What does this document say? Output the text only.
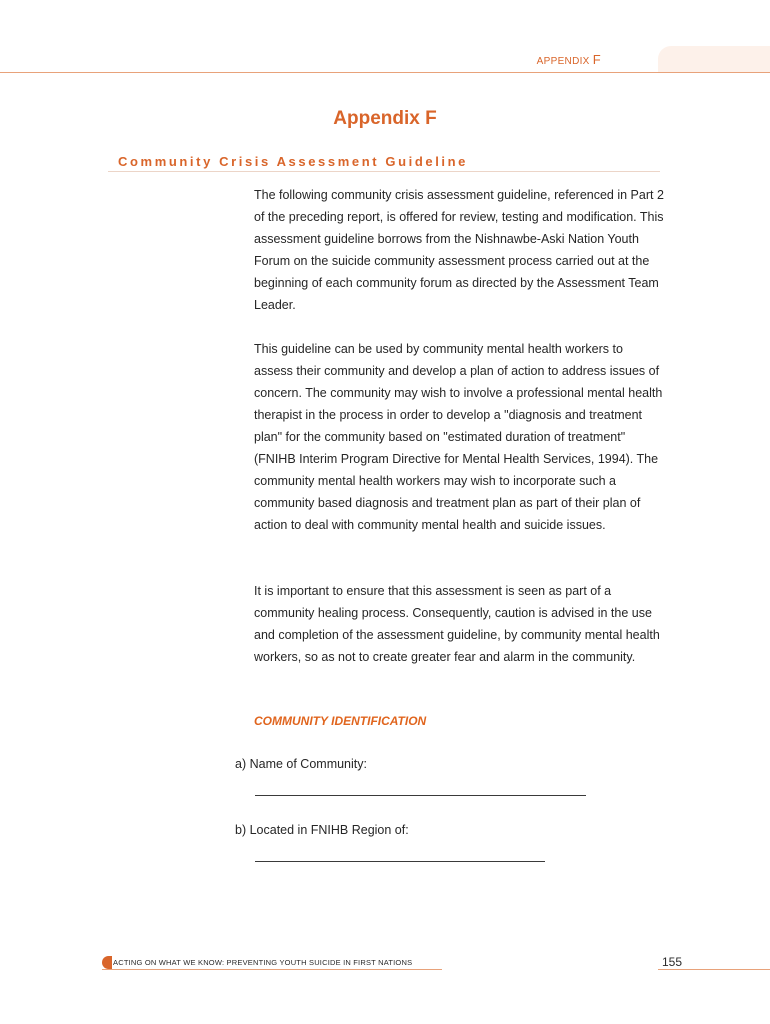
APPENDIX F
Appendix F
Community Crisis Assessment Guideline
The following community crisis assessment guideline, referenced in Part 2 of the preceding report, is offered for review, testing and modification. This assessment guideline borrows from the Nishnawbe-Aski Nation Youth Forum on the suicide community assessment process carried out at the beginning of each community forum as directed by the Assessment Team Leader.
This guideline can be used by community mental health workers to assess their community and develop a plan of action to address issues of concern. The community may wish to involve a professional mental health therapist in the process in order to develop a "diagnosis and treatment plan" for the community based on "estimated duration of treatment" (FNIHB Interim Program Directive for Mental Health Services, 1994). The community mental health workers may wish to incorporate such a community based diagnosis and treatment plan as part of their plan of action to deal with community mental health and suicide issues.
It is important to ensure that this assessment is seen as part of a community healing process. Consequently, caution is advised in the use and completion of the assessment guideline, by community mental health workers, so as not to create greater fear and alarm in the community.
COMMUNITY IDENTIFICATION
a) Name of Community:
b) Located in FNIHB Region of:
ACTING ON WHAT WE KNOW: PREVENTING YOUTH SUICIDE IN FIRST NATIONS	155
